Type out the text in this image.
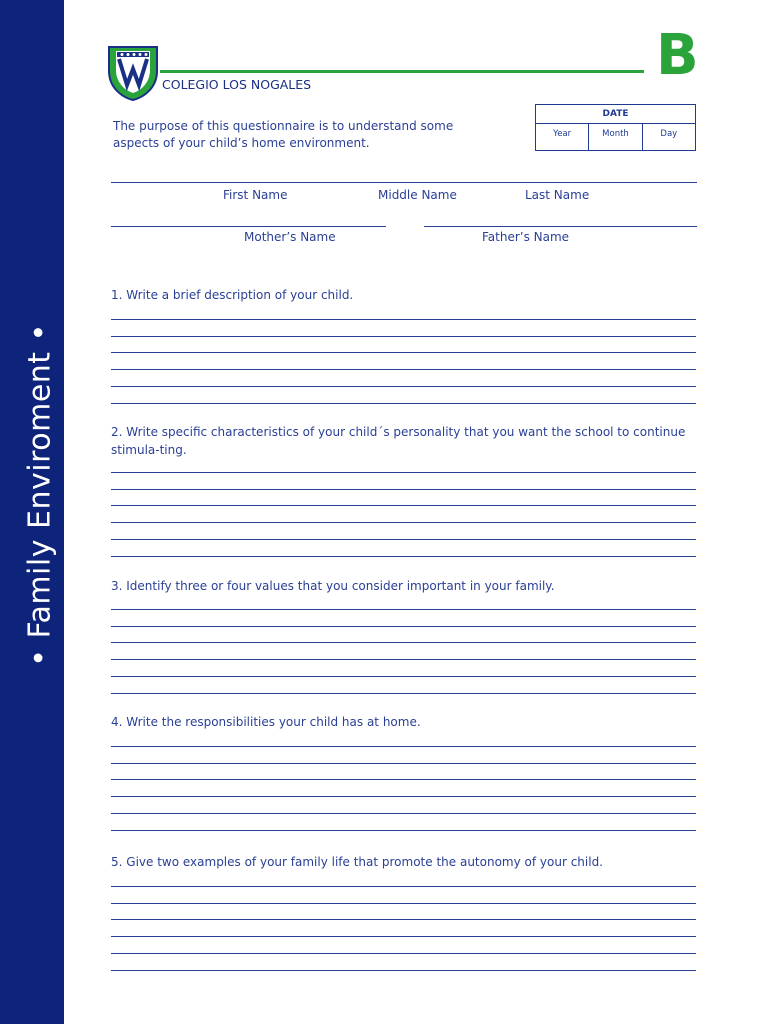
• Family Enviroment •
COLEGIO LOS NOGALES	B
The purpose of this questionnaire is to understand some aspects of your child’s home environment.
DATE
Year	Month	Day
First Name	Middle Name	Last Name
Mother’s Name	Father’s Name
1. Write a brief description of your child.
2. Write specific characteristics of your child´s personality that you want the school to continue stimula-ting.
3. Identify three or four values that you consider important in your family.
4. Write the responsibilities your child has at home.
5. Give two examples of your family life that promote the autonomy of your child.
